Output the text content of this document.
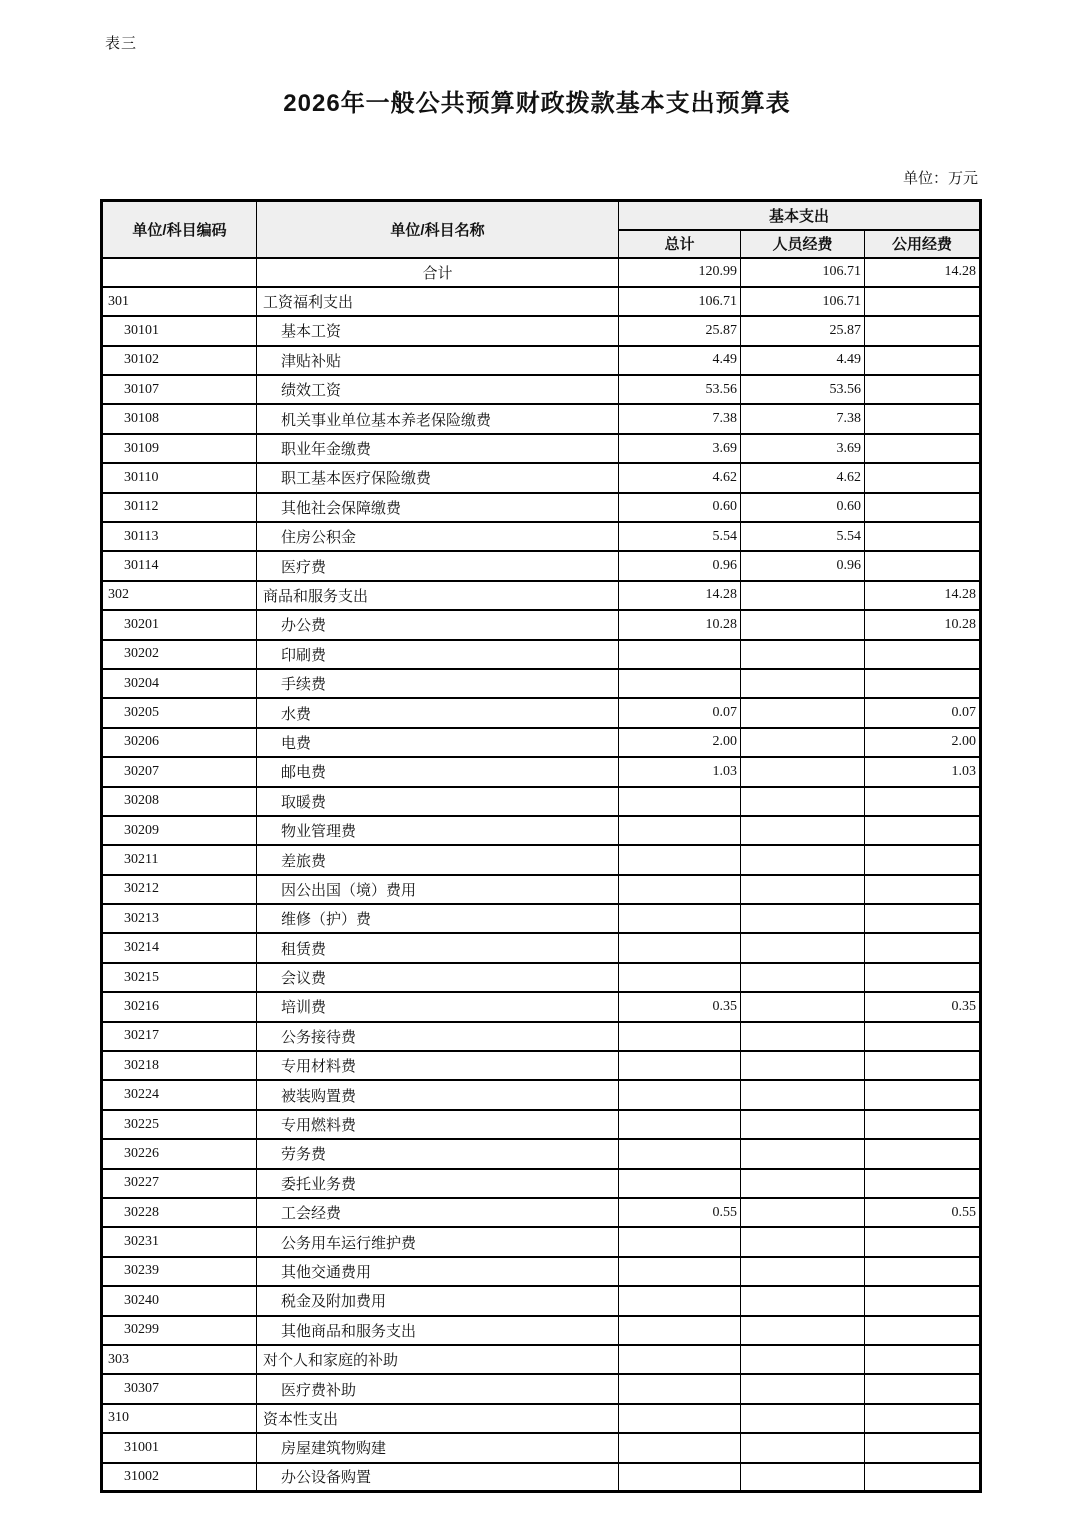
表三
2026年一般公共预算财政拨款基本支出预算表
单位：万元
单位/科目编码	单位/科目名称	基本支出		
		总计	人员经费	公用经费
	合计	120.99	106.71	14.28
301	工资福利支出	106.71	106.71	
30101	基本工资	25.87	25.87	
30102	津贴补贴	4.49	4.49	
30107	绩效工资	53.56	53.56	
30108	机关事业单位基本养老保险缴费	7.38	7.38	
30109	职业年金缴费	3.69	3.69	
30110	职工基本医疗保险缴费	4.62	4.62	
30112	其他社会保障缴费	0.60	0.60	
30113	住房公积金	5.54	5.54	
30114	医疗费	0.96	0.96	
302	商品和服务支出	14.28		14.28
30201	办公费	10.28		10.28
30202	印刷费			
30204	手续费			
30205	水费	0.07		0.07
30206	电费	2.00		2.00
30207	邮电费	1.03		1.03
30208	取暖费			
30209	物业管理费			
30211	差旅费			
30212	因公出国（境）费用			
30213	维修（护）费			
30214	租赁费			
30215	会议费			
30216	培训费	0.35		0.35
30217	公务接待费			
30218	专用材料费			
30224	被装购置费			
30225	专用燃料费			
30226	劳务费			
30227	委托业务费			
30228	工会经费	0.55		0.55
30231	公务用车运行维护费			
30239	其他交通费用			
30240	税金及附加费用			
30299	其他商品和服务支出			
303	对个人和家庭的补助			
30307	医疗费补助			
310	资本性支出			
31001	房屋建筑物购建			
31002	办公设备购置			
